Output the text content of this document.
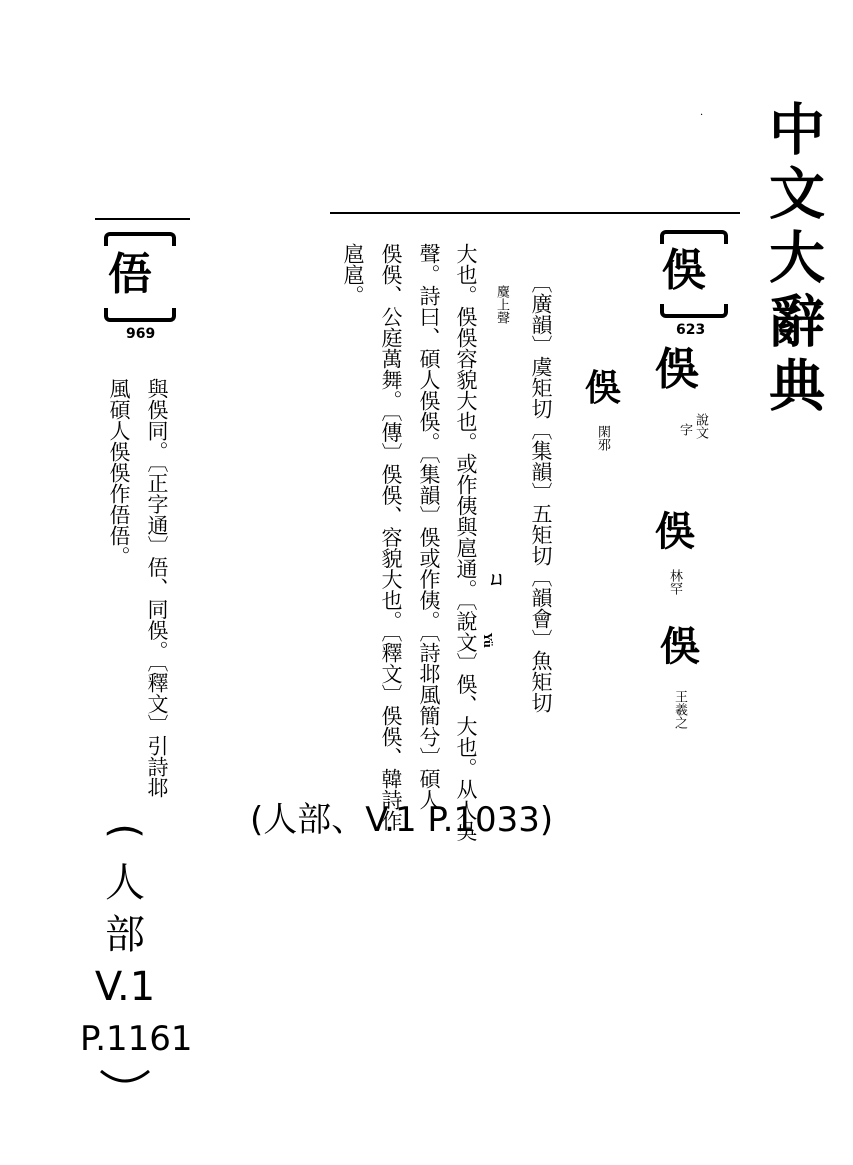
中文大辭典
·
俁
623
俁
說文
字
俁
閑邪
俁
林罕
俁
王羲之
〔廣韻〕虞矩切〔集韻〕五矩切〔韻會〕魚矩切
麌上聲
大也。俁俁容貌大也。或作侇與扈通。〔說文〕俁、大也。从人吳
聲。詩曰、碩人俁俁。〔集韻〕俁或作侇。〔詩邶風簡兮〕碩人
俁俁、公庭萬舞。〔傳〕俁俁、容貌大也。〔釋文〕俁俁、韓詩作
扈扈。
ㄩ
Yü
俉
969
與俁同。〔正字通〕俉、同俁。〔釋文〕引詩邶
風碩人俁俁作俉俉。
(人部、V.1 P.1033)
(
人
部
V.1
P.1161
